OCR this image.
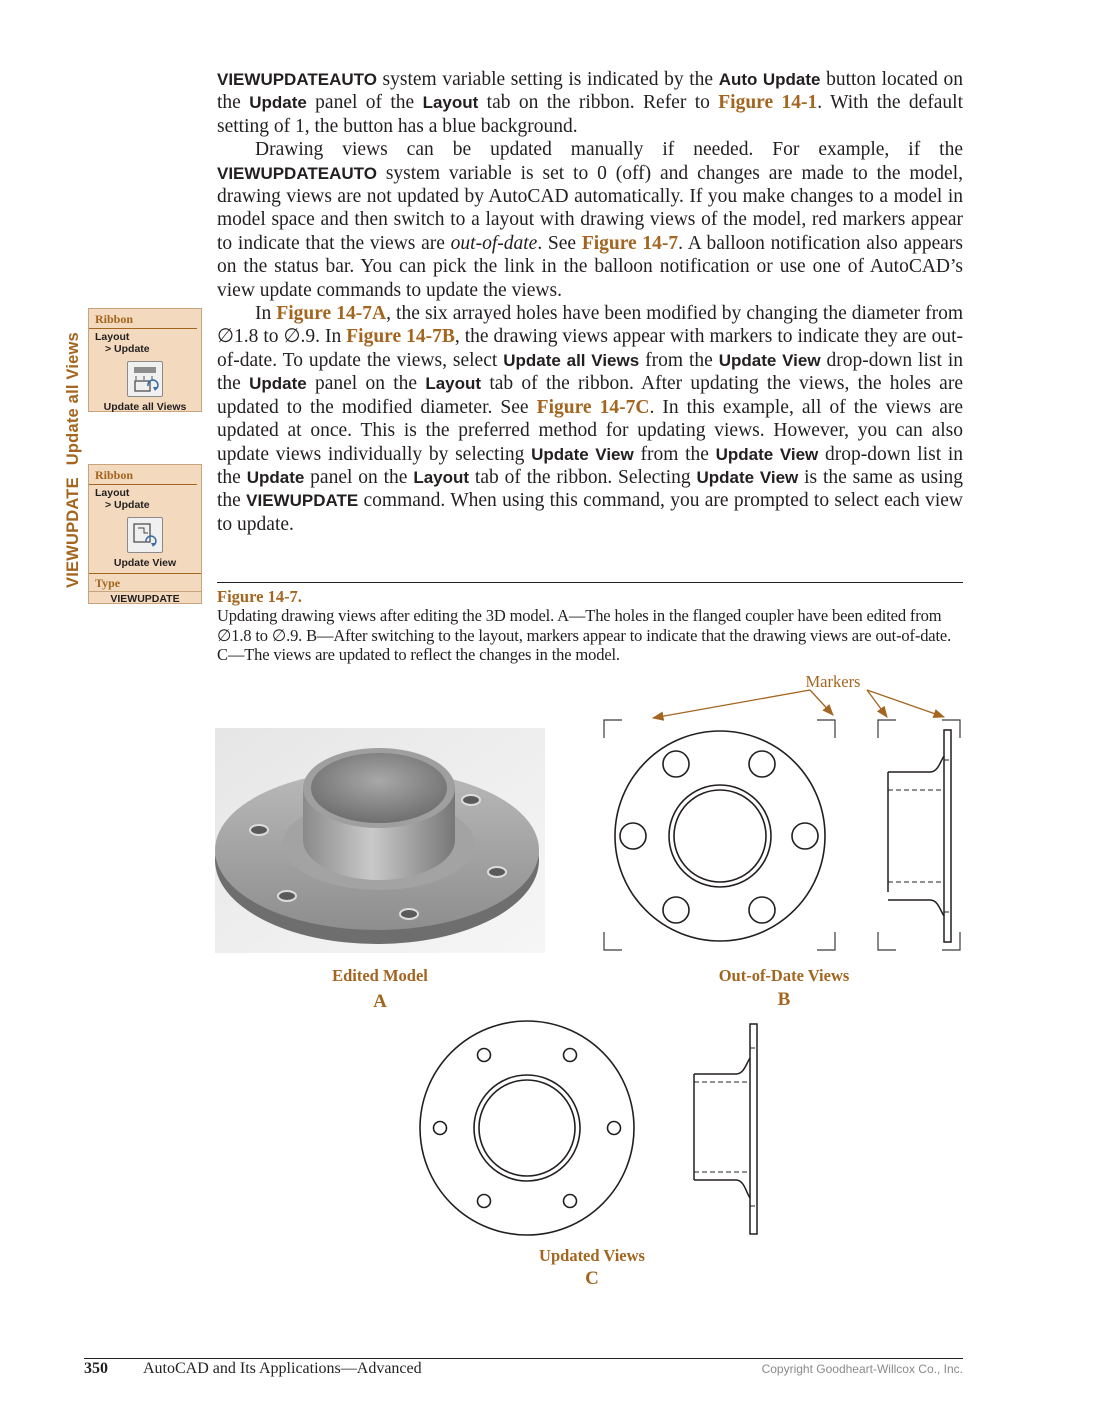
VIEWUPDATEAUTO system variable setting is indicated by the Auto Update button located on the Update panel of the Layout tab on the ribbon. Refer to Figure 14-1. With the default setting of 1, the button has a blue background.

Drawing views can be updated manually if needed. For example, if the VIEWUPDATEAUTO system variable is set to 0 (off) and changes are made to the model, drawing views are not updated by AutoCAD automatically. If you make changes to a model in model space and then switch to a layout with drawing views of the model, red markers appear to indicate that the views are out-of-date. See Figure 14-7. A balloon notification also appears on the status bar. You can pick the link in the balloon notification or use one of AutoCAD’s view update commands to update the views.

In Figure 14-7A, the six arrayed holes have been modified by changing the diameter from ∅1.8 to ∅.9. In Figure 14-7B, the drawing views appear with markers to indicate they are out-of-date. To update the views, select Update all Views from the Update View drop-down list in the Update panel on the Layout tab of the ribbon. After updating the views, the holes are updated to the modified diameter. See Figure 14-7C. In this example, all of the views are updated at once. This is the preferred method for updating views. However, you can also update views individually by selecting Update View from the Update View drop-down list in the Update panel on the Layout tab of the ribbon. Selecting Update View is the same as using the VIEWUPDATE command. When using this command, you are prompted to select each view to update.

VIEWUPDATEUpdate all Views
Ribbon
Layout
> Update
Update all Views
Ribbon
Layout
> Update
Update View
Type
VIEWUPDATE	Figure 14-7.
Updating drawing views after editing the 3D model. A—The holes in the flanged coupler have been edited from ∅1.8 to ∅.9. B—After switching to the layout, markers appear to indicate that the drawing views are out-of-date. C—The views are updated to reflect the changes in the model.
Markers
Edited Model
A
Out-of-Date Views
B
Updated Views
C
350 AutoCAD and Its Applications—Advanced	Copyright Goodheart-Willcox Co., Inc.
